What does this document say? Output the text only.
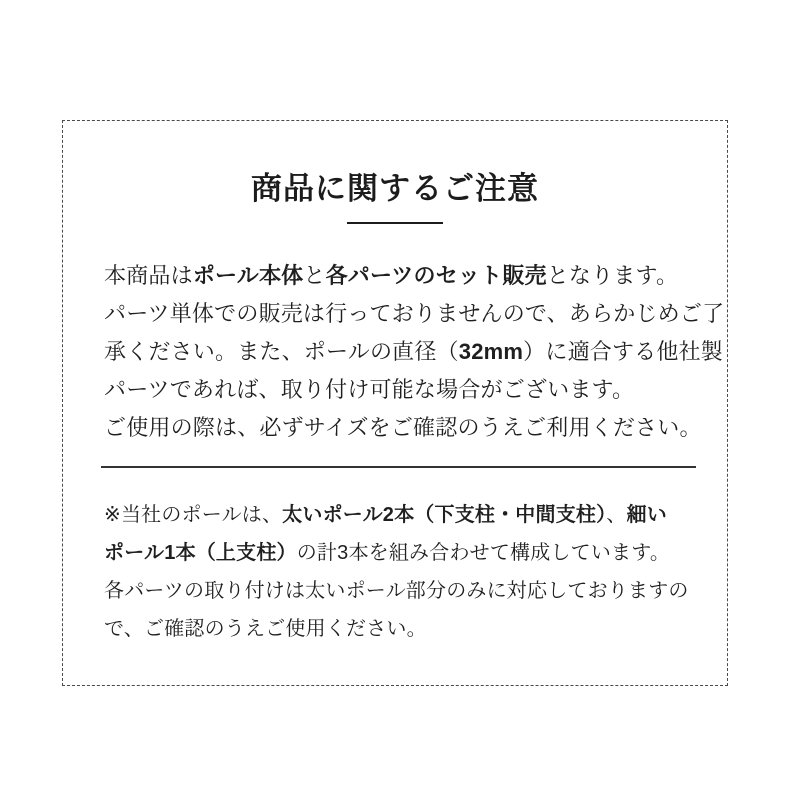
商品に関するご注意
本商品はポール本体と各パーツのセット販売となります。
パーツ単体での販売は行っておりませんので、あらかじめご了
承ください。また、ポールの直径（32mm）に適合する他社製
パーツであれば、取り付け可能な場合がございます。
ご使用の際は、必ずサイズをご確認のうえご利用ください。
※当社のポールは、太いポール2本（下支柱・中間支柱）、細い
ポール1本（上支柱）の計3本を組み合わせて構成しています。
各パーツの取り付けは太いポール部分のみに対応しておりますの
で、ご確認のうえご使用ください。
